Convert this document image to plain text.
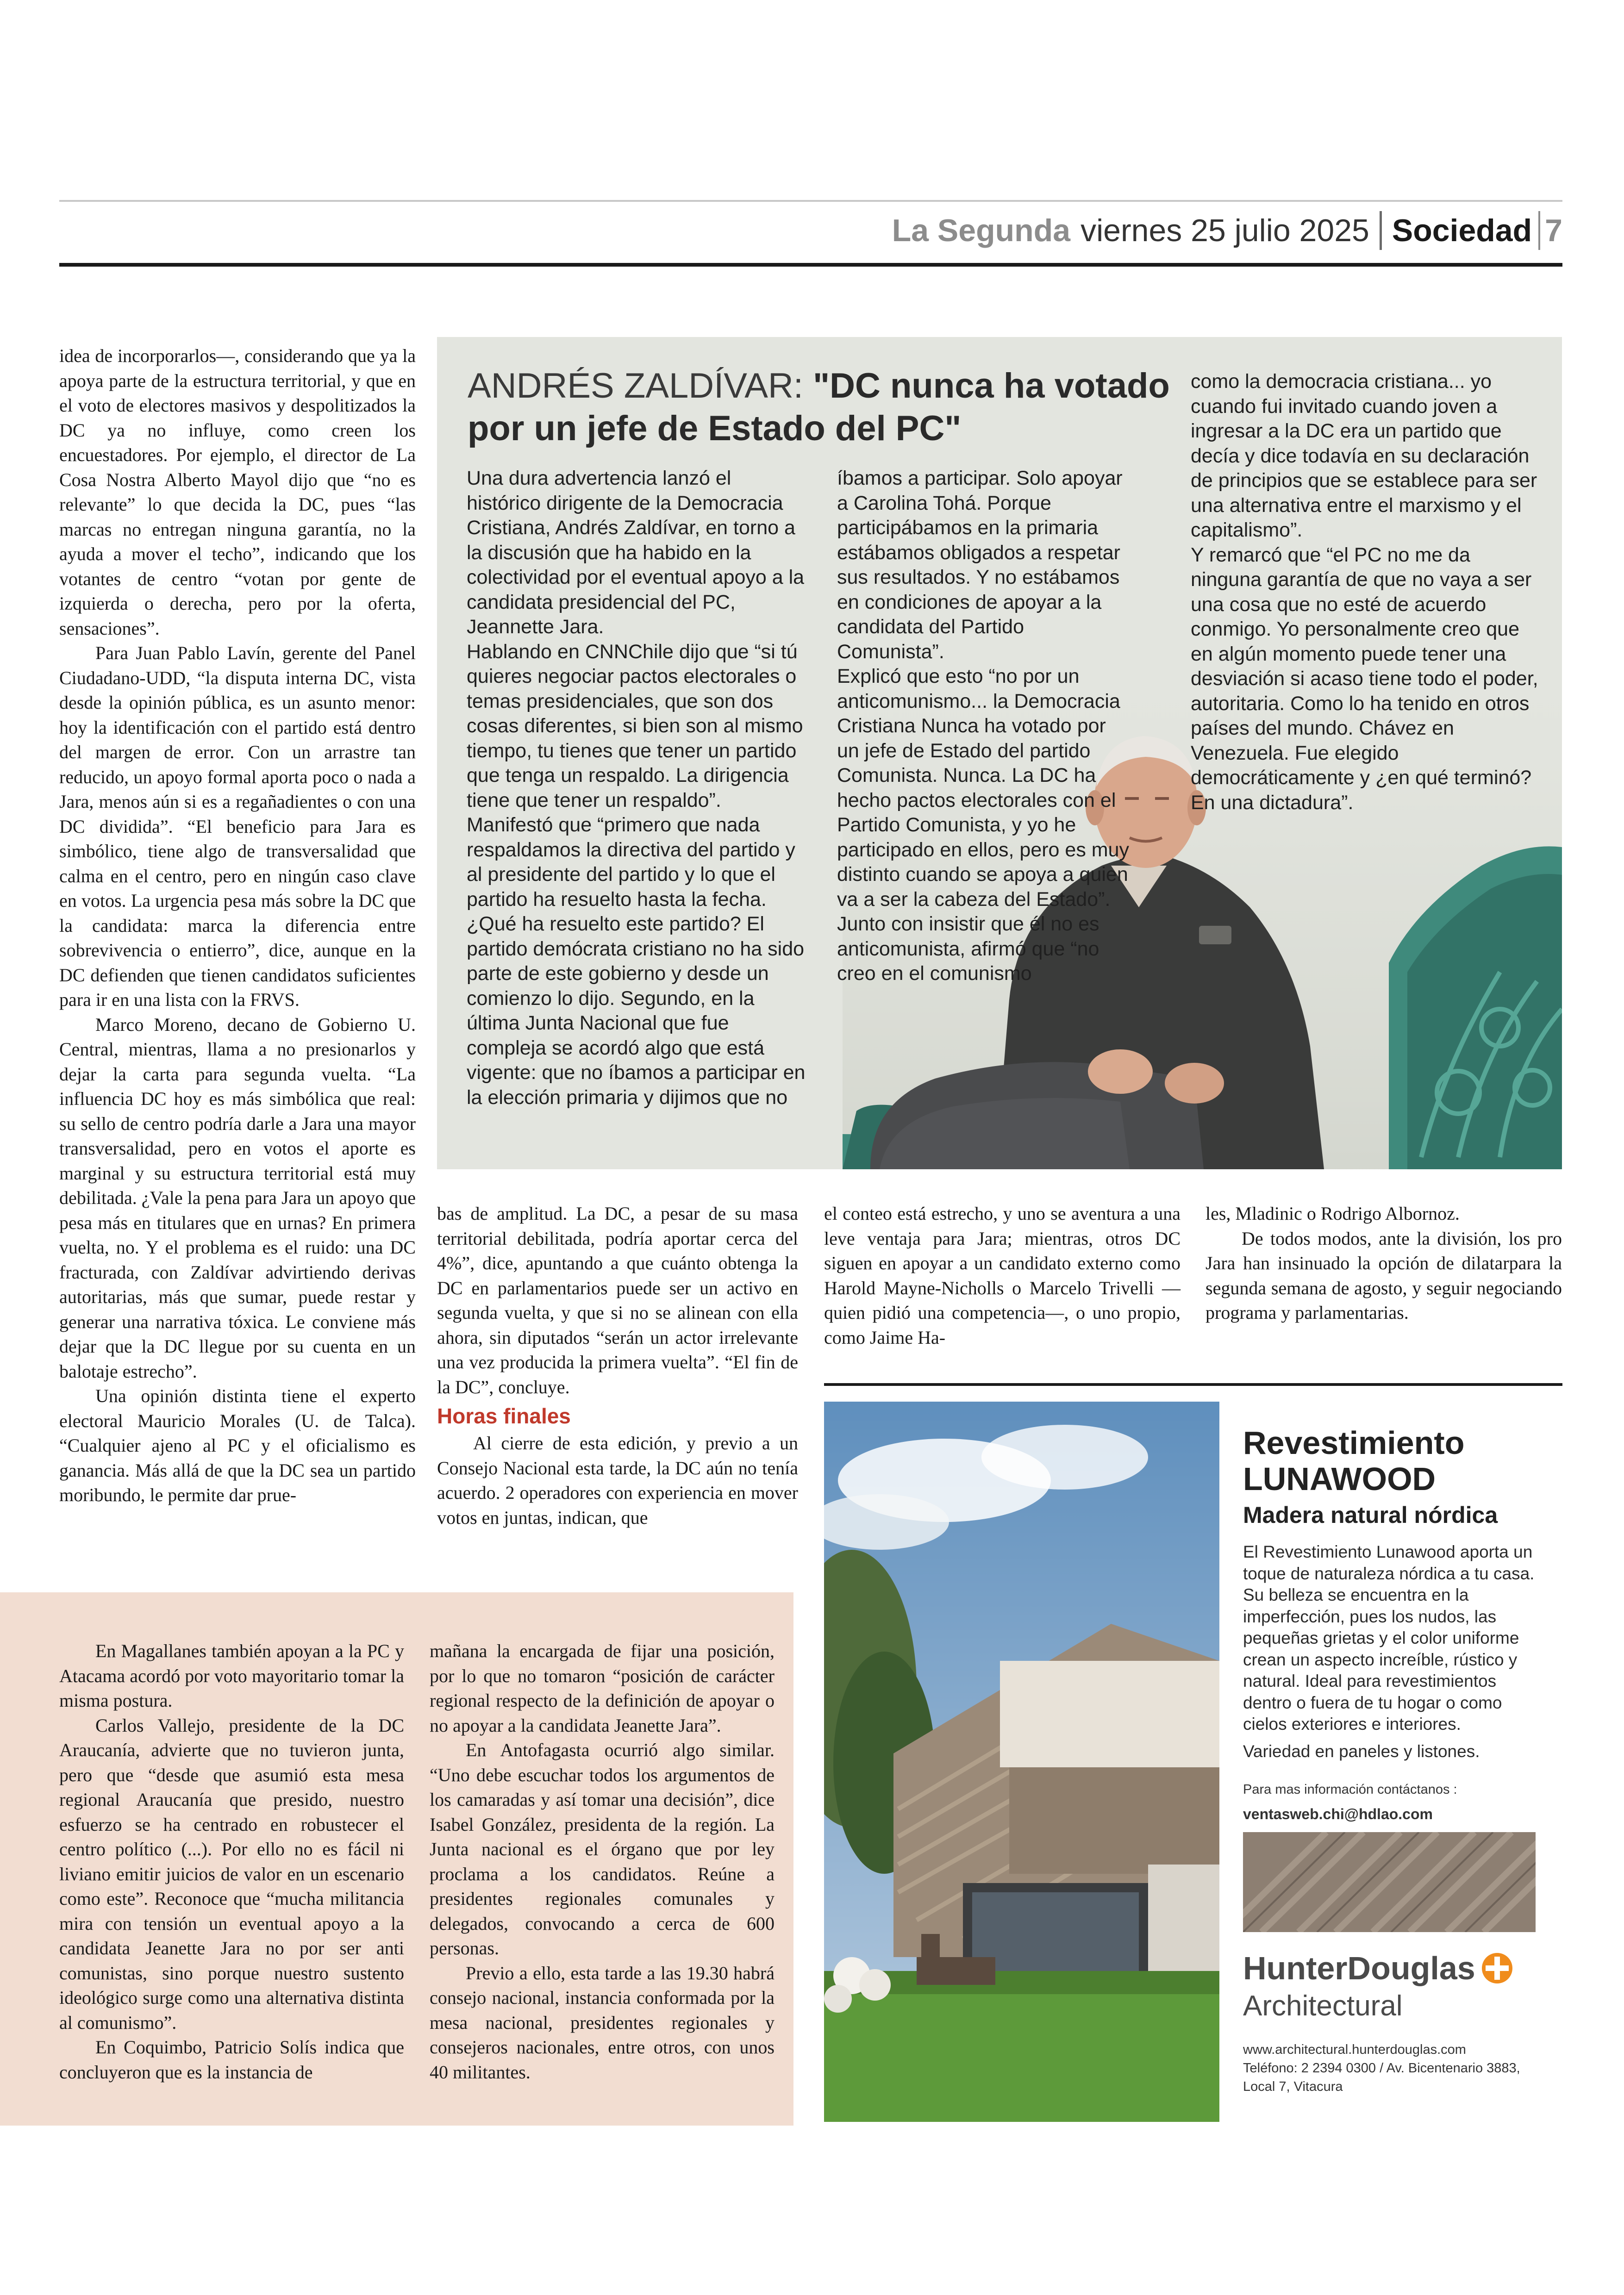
La Segunda viernes 25 julio 2025 Sociedad 7

idea de incorporarlos—, considerando que ya la apoya parte de la estructura territorial, y que en el voto de electores masivos y despolitizados la DC ya no influye, como creen los encuestadores. Por ejemplo, el director de La Cosa Nostra Alberto Mayol dijo que “no es relevante” lo que decida la DC, pues “las marcas no entregan ninguna garantía, no la ayuda a mover el techo”, indicando que los votantes de centro “votan por gente de izquierda o derecha, pero por la oferta, sensaciones”.

Para Juan Pablo Lavín, gerente del Panel Ciudadano-UDD, “la disputa interna DC, vista desde la opinión pública, es un asunto menor: hoy la identificación con el partido está dentro del margen de error. Con un arrastre tan reducido, un apoyo formal aporta poco o nada a Jara, menos aún si es a regañadientes o con una DC dividida”. “El beneficio para Jara es simbólico, tiene algo de transversalidad que calma en el centro, pero en ningún caso clave en votos. La urgencia pesa más sobre la DC que la candidata: marca la diferencia entre sobrevivencia o entierro”, dice, aunque en la DC defienden que tienen candidatos suficientes para ir en una lista con la FRVS.

Marco Moreno, decano de Gobierno U. Central, mientras, llama a no presionarlos y dejar la carta para segunda vuelta. “La influencia DC hoy es más simbólica que real: su sello de centro podría darle a Jara una mayor transversalidad, pero en votos el aporte es marginal y su estructura territorial está muy debilitada. ¿Vale la pena para Jara un apoyo que pesa más en titulares que en urnas? En primera vuelta, no. Y el problema es el ruido: una DC fracturada, con Zaldívar advirtiendo derivas autoritarias, más que sumar, puede restar y generar una narrativa tóxica. Le conviene más dejar que la DC llegue por su cuenta en un balotaje estrecho”.

Una opinión distinta tiene el experto electoral Mauricio Morales (U. de Talca). “Cualquier ajeno al PC y el oficialismo es ganancia. Más allá de que la DC sea un partido moribundo, le permite dar prue-

ANDRÉS ZALDÍVAR: "DC nunca ha votado por un jefe de Estado del PC"

Una dura advertencia lanzó el histórico dirigente de la Democracia Cristiana, Andrés Zaldívar, en torno a la discusión que ha habido en la colectividad por el eventual apoyo a la candidata presidencial del PC, Jeannette Jara.

Hablando en CNNChile dijo que “si tú quieres negociar pactos electorales o temas presidenciales, que son dos cosas diferentes, si bien son al mismo tiempo, tu tienes que tener un partido que tenga un respaldo. La dirigencia tiene que tener un respaldo”.

Manifestó que “primero que nada respaldamos la directiva del partido y al presidente del partido y lo que el partido ha resuelto hasta la fecha. ¿Qué ha resuelto este partido? El partido demócrata cristiano no ha sido parte de este gobierno y desde un comienzo lo dijo. Segundo, en la última Junta Nacional que fue compleja se acordó algo que está vigente: que no íbamos a participar en la elección primaria y dijimos que no

íbamos a participar. Solo apoyar a Carolina Tohá. Porque participábamos en la primaria estábamos obligados a respetar sus resultados. Y no estábamos en condiciones de apoyar a la candidata del Partido Comunista”.

Explicó que esto “no por un anticomunismo... la Democracia Cristiana Nunca ha votado por un jefe de Estado del partido Comunista. Nunca. La DC ha hecho pactos electorales con el Partido Comunista, y yo he participado en ellos, pero es muy distinto cuando se apoya a quien va a ser la cabeza del Estado”.

Junto con insistir que él no es anticomunista, afirmó que “no creo en el comunismo

como la democracia cristiana... yo cuando fui invitado cuando joven a ingresar a la DC era un partido que decía y dice todavía en su declaración de principios que se establece para ser una alternativa entre el marxismo y el capitalismo”.

Y remarcó que “el PC no me da ninguna garantía de que no vaya a ser una cosa que no esté de acuerdo conmigo. Yo personalmente creo que en algún momento puede tener una desviación si acaso tiene todo el poder, autoritaria. Como lo ha tenido en otros países del mundo. Chávez en Venezuela. Fue elegido democráticamente y ¿en qué terminó? En una dictadura”.

bas de amplitud. La DC, a pesar de su masa territorial debilitada, podría aportar cerca del 4%”, dice, apuntando a que cuánto obtenga la DC en parlamentarios puede ser un activo en segunda vuelta, y que si no se alinean con ella ahora, sin diputados “serán un actor irrelevante una vez producida la primera vuelta”. “El fin de la DC”, concluye.

Horas finales

Al cierre de esta edición, y previo a un Consejo Nacional esta tarde, la DC aún no tenía acuerdo. 2 operadores con experiencia en mover votos en juntas, indican, que

el conteo está estrecho, y uno se aventura a una leve ventaja para Jara; mientras, otros DC siguen en apoyar a un candidato externo como Harold Mayne-Nicholls o Marcelo Trivelli —quien pidió una competencia—, o uno propio, como Jaime Ha-

les, Mladinic o Rodrigo Albornoz.

De todos modos, ante la división, los pro Jara han insinuado la opción de dilatarpara la segunda semana de agosto, y seguir negociando programa y parlamentarias.

En Magallanes también apoyan a la PC y Atacama acordó por voto mayoritario tomar la misma postura.

Carlos Vallejo, presidente de la DC Araucanía, advierte que no tuvieron junta, pero que “desde que asumió esta mesa regional Araucanía que presido, nuestro esfuerzo se ha centrado en robustecer el centro político (...). Por ello no es fácil ni liviano emitir juicios de valor en un escenario como este”. Reconoce que “mucha militancia mira con tensión un eventual apoyo a la candidata Jeanette Jara no por ser anti comunistas, sino porque nuestro sustento ideológico surge como una alternativa distinta al comunismo”.

En Coquimbo, Patricio Solís indica que concluyeron que es la instancia de

mañana la encargada de fijar una posición, por lo que no tomaron “posición de carácter regional respecto de la definición de apoyar o no apoyar a la candidata Jeanette Jara”.

En Antofagasta ocurrió algo similar. “Uno debe escuchar todos los argumentos de los camaradas y así tomar una decisión”, dice Isabel González, presidenta de la región. La Junta nacional es el órgano que por ley proclama a los candidatos. Reúne a presidentes regionales comunales y delegados, convocando a cerca de 600 personas.

Previo a ello, esta tarde a las 19.30 habrá consejo nacional, instancia conformada por la mesa nacional, presidentes regionales y consejeros nacionales, entre otros, con unos 40 militantes.

Revestimiento
LUNAWOOD
Madera natural nórdica
El Revestimiento Lunawood aporta un toque de naturaleza nórdica a tu casa. Su belleza se encuentra en la imperfección, pues los nudos, las pequeñas grietas y el color uniforme crean un aspecto increíble, rústico y natural. Ideal para revestimientos dentro o fuera de tu hogar o como cielos exteriores e interiores.
Variedad en paneles y listones.
Para mas información contáctanos :
ventasweb.chi@hdlao.com
HunterDouglas
Architectural
www.architectural.hunterdouglas.com
Teléfono: 2 2394 0300 / Av. Bicentenario 3883,
Local 7, Vitacura
